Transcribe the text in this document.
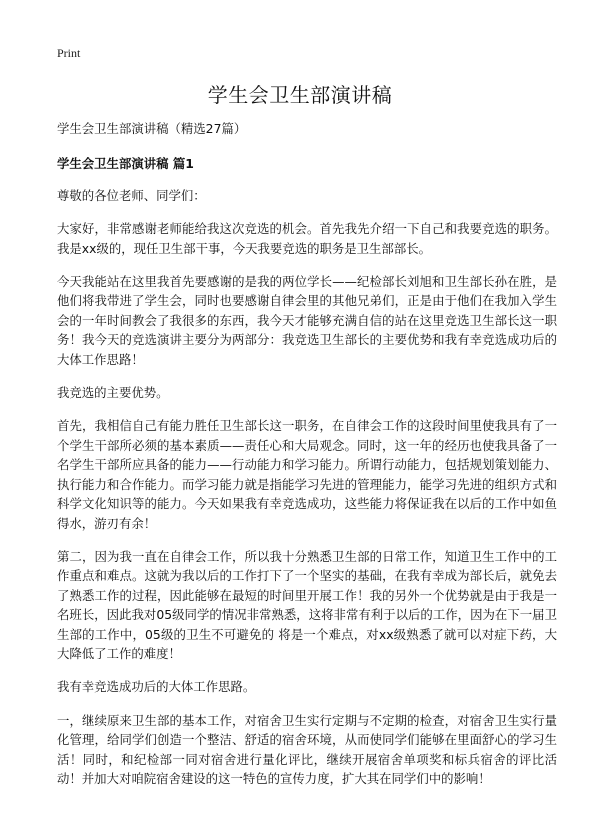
Print
学生会卫生部演讲稿

学生会卫生部演讲稿（精选27篇）

学生会卫生部演讲稿 篇1

尊敬的各位老师、同学们：

大家好，非常感谢老师能给我这次竞选的机会。首先我先介绍一下自己和我要竞选的职务。我是xx级的，现任卫生部干事，今天我要竞选的职务是卫生部部长。

今天我能站在这里我首先要感谢的是我的两位学长——纪检部长刘旭和卫生部长孙在胜，是他们将我带进了学生会，同时也要感谢自律会里的其他兄弟们，正是由于他们在我加入学生会的一年时间教会了我很多的东西，我今天才能够充满自信的站在这里竞选卫生部长这一职务！我今天的竞选演讲主要分为两部分：我竞选卫生部长的主要优势和我有幸竞选成功后的大体工作思路！

我竞选的主要优势。

首先，我相信自己有能力胜任卫生部长这一职务，在自律会工作的这段时间里使我具有了一个学生干部所必须的基本素质——责任心和大局观念。同时，这一年的经历也使我具备了一名学生干部所应具备的能力——行动能力和学习能力。所谓行动能力，包括规划策划能力、执行能力和合作能力。而学习能力就是指能学习先进的管理能力，能学习先进的组织方式和科学文化知识等的能力。今天如果我有幸竞选成功，这些能力将保证我在以后的工作中如鱼得水，游刃有余！

第二，因为我一直在自律会工作，所以我十分熟悉卫生部的日常工作，知道卫生工作中的工作重点和难点。这就为我以后的工作打下了一个坚实的基础，在我有幸成为部长后，就免去了熟悉工作的过程，因此能够在最短的时间里开展工作！我的另外一个优势就是由于我是一名班长，因此我对05级同学的情况非常熟悉，这将非常有利于以后的工作，因为在下一届卫生部的工作中，05级的卫生不可避免的 将是一个难点，对xx级熟悉了就可以对症下药，大大降低了工作的难度！

我有幸竞选成功后的大体工作思路。

一，继续原来卫生部的基本工作，对宿舍卫生实行定期与不定期的检查，对宿舍卫生实行量化管理，给同学们创造一个整洁、舒适的宿舍环境，从而使同学们能够在里面舒心的学习生活！同时，和纪检部一同对宿舍进行量化评比，继续开展宿舍单项奖和标兵宿舍的评比活动！并加大对咱院宿舍建设的这一特色的宣传力度，扩大其在同学们中的影响！
